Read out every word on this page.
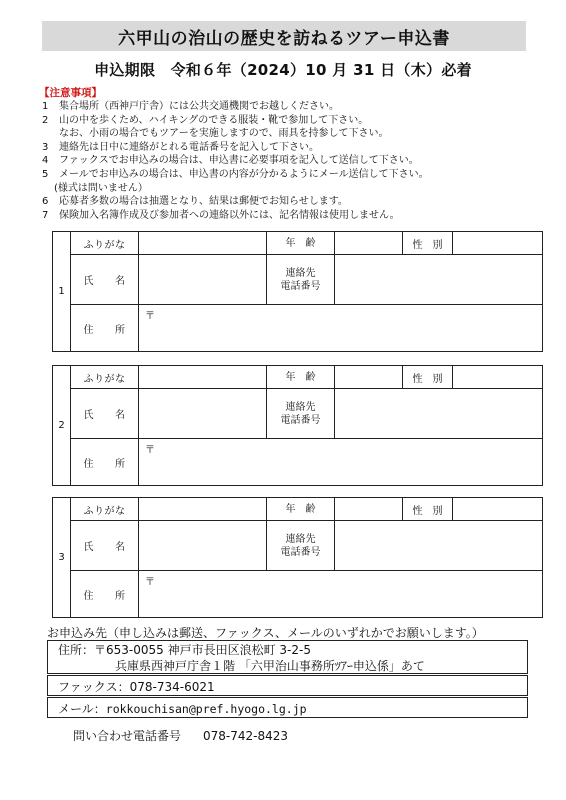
六甲山の治山の歴史を訪ねるツアー申込書
申込期限　令和６年（2024）10 月 31 日（木）必着
【注意事項】
1	集合場所（西神戸庁舎）には公共交通機関でお越しください。
2	山の中を歩くため、ハイキングのできる服装・靴で参加して下さい。
なお、小雨の場合でもツアーを実施しますので、雨具を持参して下さい。
3	連絡先は日中に連絡がとれる電話番号を記入して下さい。
4	ファックスでお申込みの場合は、申込書に必要事項を記入して送信して下さい。
5	メールでお申込みの場合は、申込書の内容が分かるようにメール送信して下さい。
(様式は問いません）
6	応募者多数の場合は抽選となり、結果は郵便でお知らせします。
7	保険加入名簿作成及び参加者への連絡以外には、記名情報は使用しません。
1	ふりがな		年　齢		性　別	
	氏　　名		連絡先
電話番号			
	住　　所	〒				
2	ふりがな		年　齢		性　別	
	氏　　名		連絡先
電話番号			
	住　　所	〒				
3	ふりがな		年　齢		性　別	
	氏　　名		連絡先
電話番号			
	住　　所	〒				
お申込み先（申し込みは郵送、ファックス、メールのいずれかでお願いします。）
住所：〒653-0055 神戸市長田区浪松町 3-2-5
兵庫県西神戸庁舎１階 「六甲治山事務所ﾂｱｰ申込係」あて
ファックス：078-734-6021
メール：rokkouchisan@pref.hyogo.lg.jp
問い合わせ電話番号 078-742-8423
